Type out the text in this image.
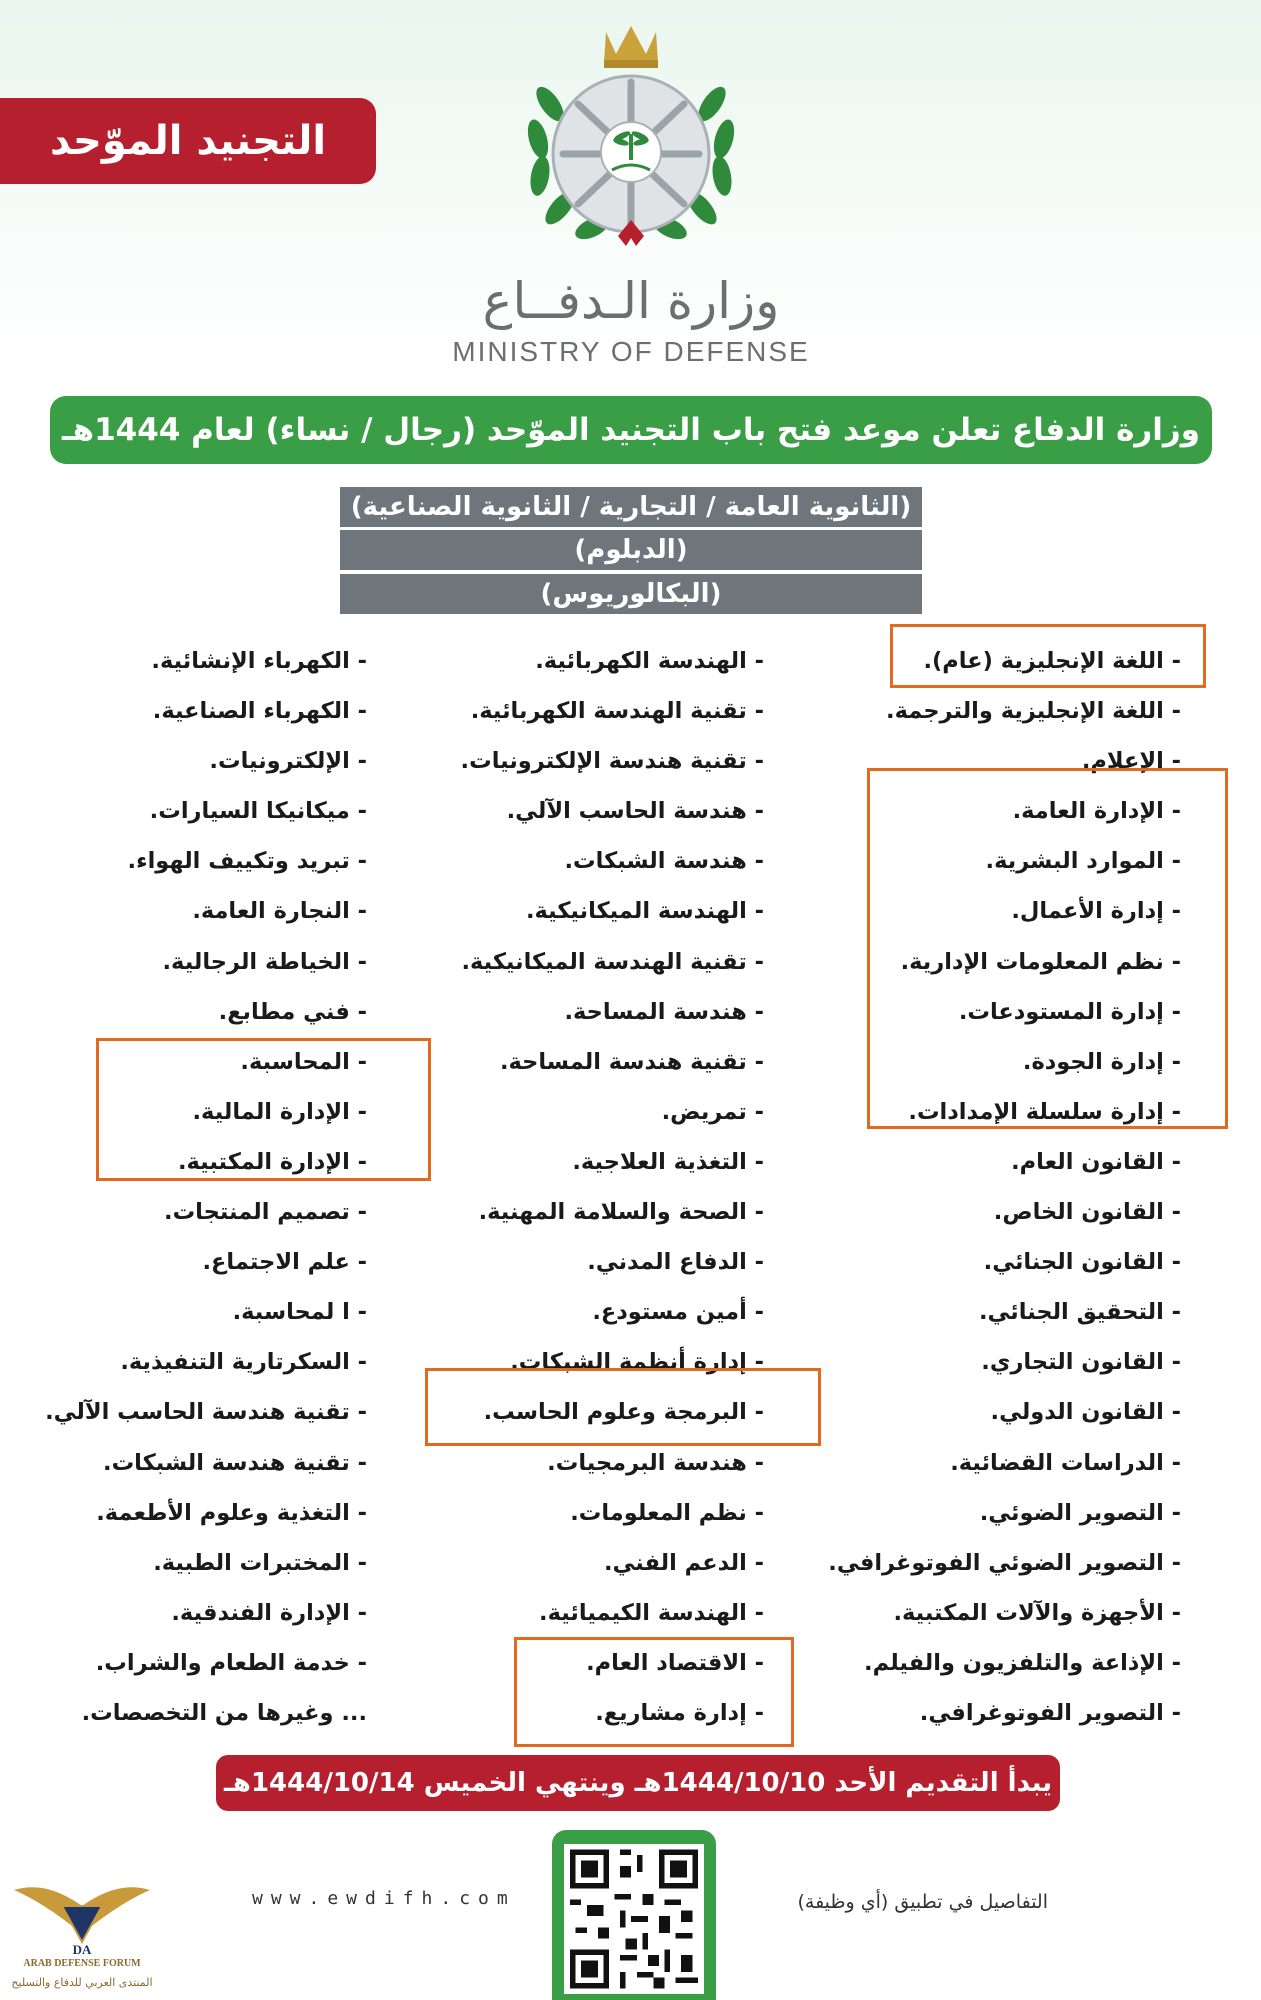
التجنيد الموّحد
وزارة الـدفــاع
MINISTRY OF DEFENSE
وزارة الدفاع تعلن موعد فتح باب التجنيد الموّحد (رجال / نساء) لعام 1444هـ
(الثانوية العامة / التجارية / الثانوية الصناعية)
(الدبلوم)
(البكالوريوس)
- اللغة الإنجليزية (عام).
- اللغة الإنجليزية والترجمة.
- الإعلام.
- الإدارة العامة.
- الموارد البشرية.
- إدارة الأعمال.
- نظم المعلومات الإدارية.
- إدارة المستودعات.
- إدارة الجودة.
- إدارة سلسلة الإمدادات.
- القانون العام.
- القانون الخاص.
- القانون الجنائي.
- التحقيق الجنائي.
- القانون التجاري.
- القانون الدولي.
- الدراسات القضائية.
- التصوير الضوئي.
- التصوير الضوئي الفوتوغرافي.
- الأجهزة والآلات المكتبية.
- الإذاعة والتلفزيون والفيلم.
- التصوير الفوتوغرافي.
- الهندسة الكهربائية.
- تقنية الهندسة الكهربائية.
- تقنية هندسة الإلكترونيات.
- هندسة الحاسب الآلي.
- هندسة الشبكات.
- الهندسة الميكانيكية.
- تقنية الهندسة الميكانيكية.
- هندسة المساحة.
- تقنية هندسة المساحة.
- تمريض.
- التغذية العلاجية.
- الصحة والسلامة المهنية.
- الدفاع المدني.
- أمين مستودع.
- إدارة أنظمة الشبكات.
- البرمجة وعلوم الحاسب.
- هندسة البرمجيات.
- نظم المعلومات.
- الدعم الفني.
- الهندسة الكيميائية.
- الاقتصاد العام.
- إدارة مشاريع.
- الكهرباء الإنشائية.
- الكهرباء الصناعية.
- الإلكترونيات.
- ميكانيكا السيارات.
- تبريد وتكييف الهواء.
- النجارة العامة.
- الخياطة الرجالية.
- فني مطابع.
- المحاسبة.
- الإدارة المالية.
- الإدارة المكتبية.
- تصميم المنتجات.
- علم الاجتماع.
- ا لمحاسبة.
- السكرتارية التنفيذية.
- تقنية هندسة الحاسب الآلي.
- تقنية هندسة الشبكات.
- التغذية وعلوم الأطعمة.
- المختبرات الطبية.
- الإدارة الفندقية.
- خدمة الطعام والشراب.
... وغيرها من التخصصات.
يبدأ التقديم الأحد 1444/10/10هـ وينتهي الخميس 1444/10/14هـ
DA
ARAB DEFENSE FORUM
المنتدى العربي للدفاع والتسليح
www.ewdifh.com	التفاصيل في تطبيق (أي وظيفة)
